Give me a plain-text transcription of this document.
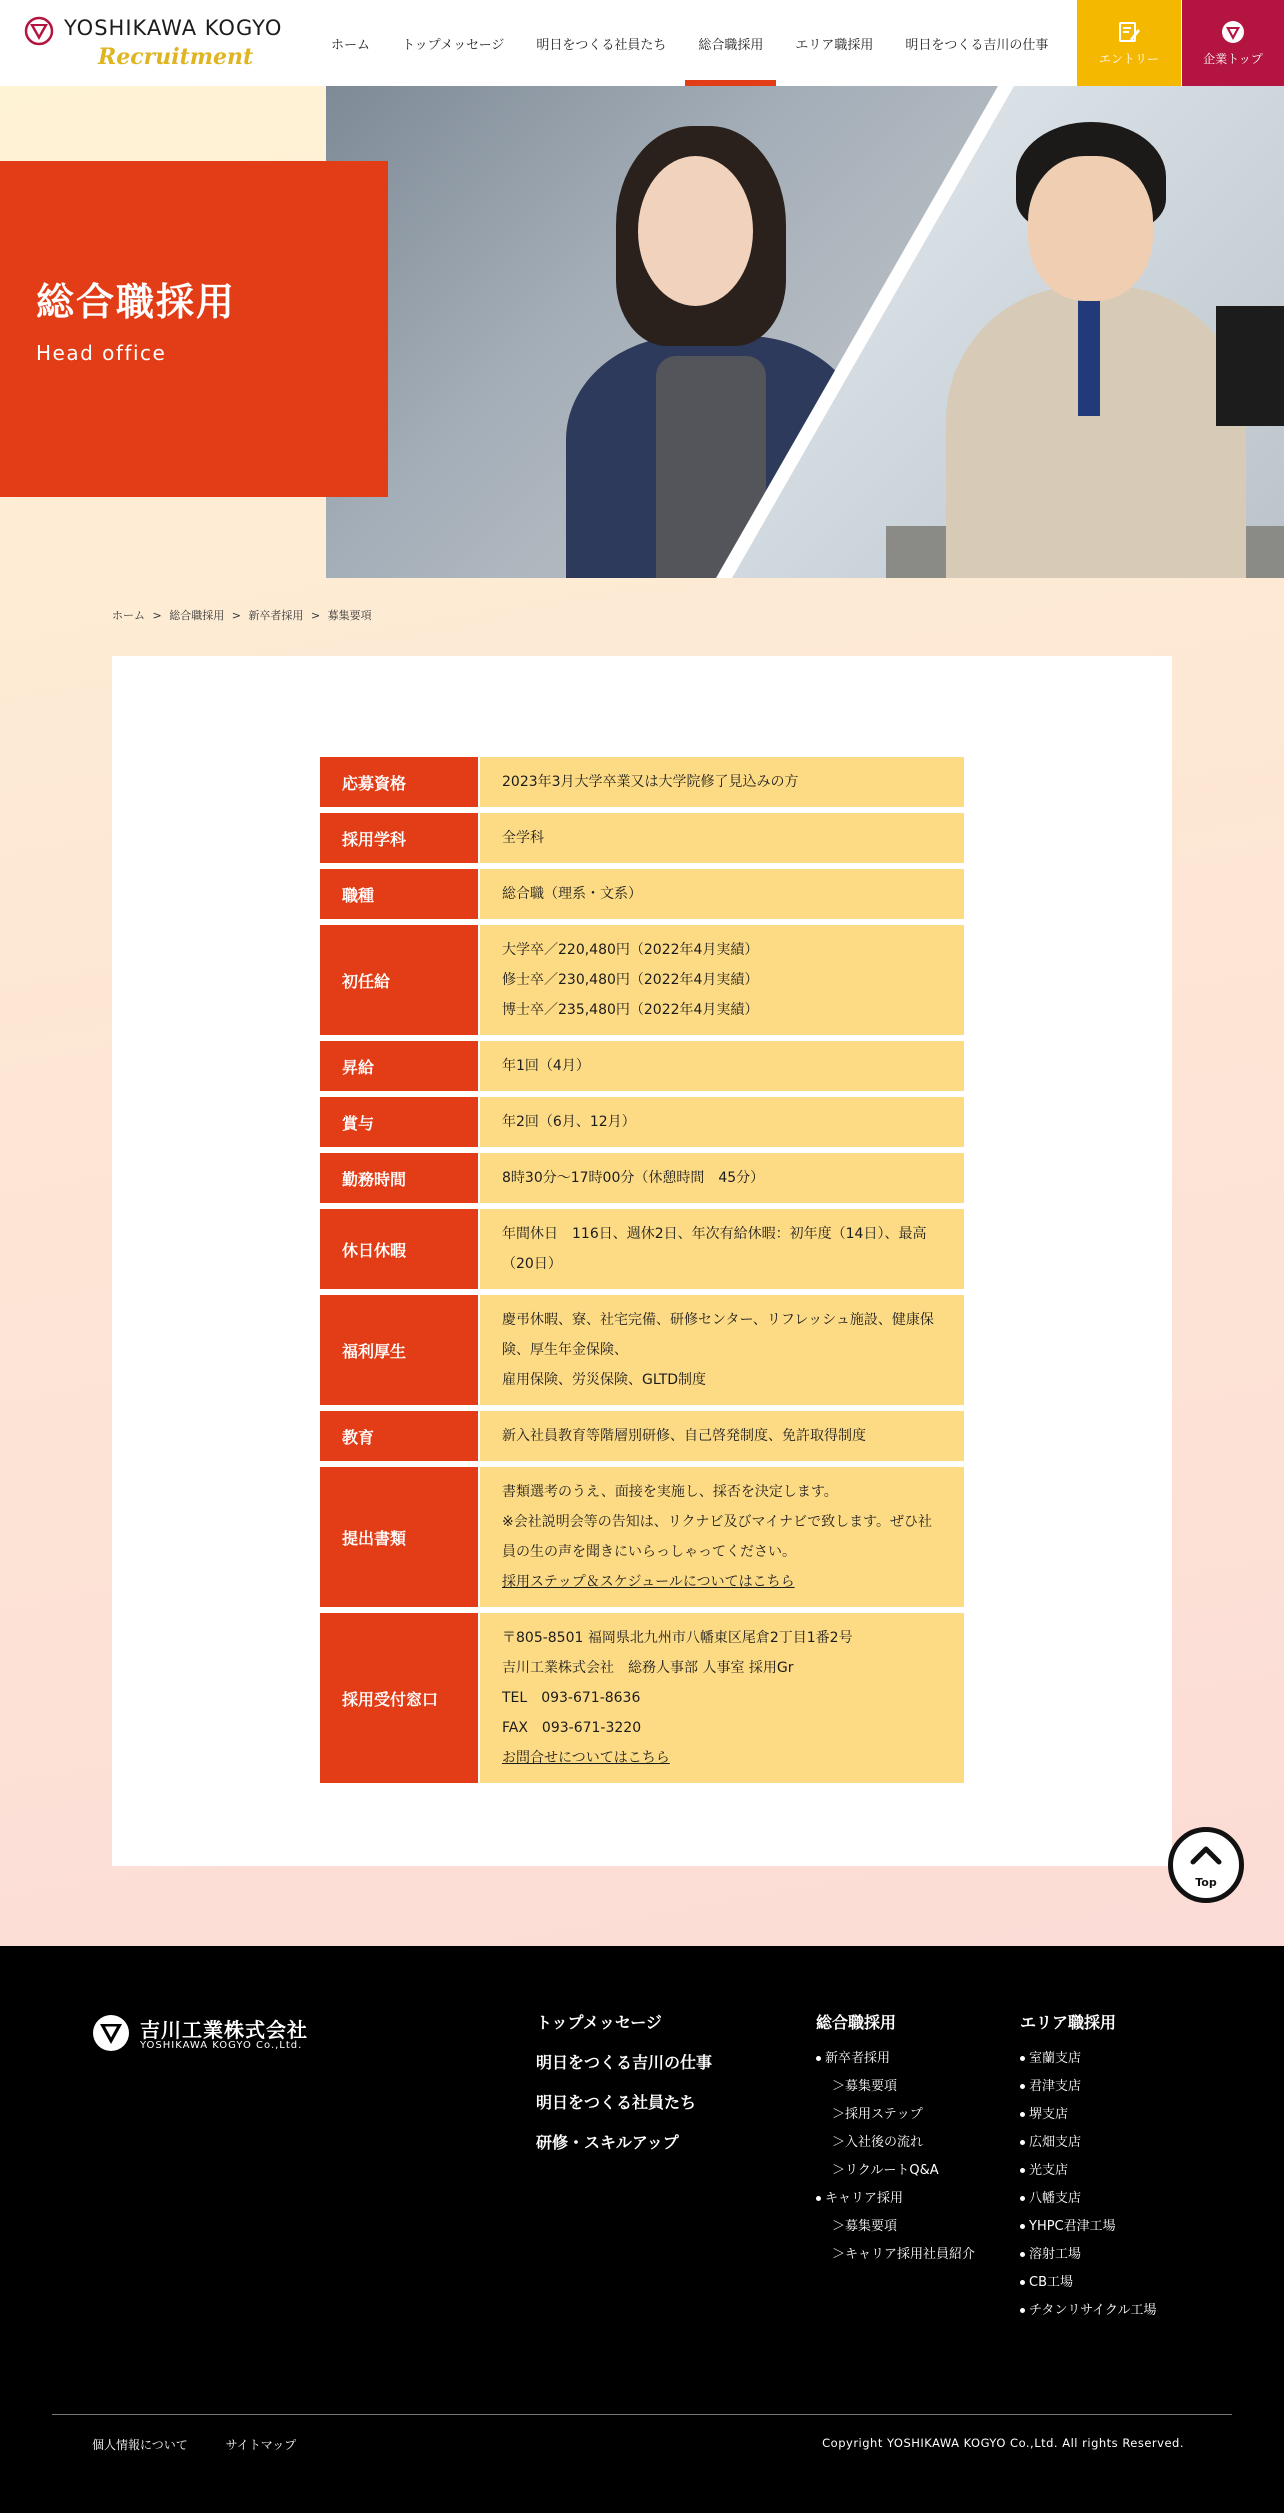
YOSHIKAWA KOGYO
Recruitment	ホーム	トップメッセージ	明日をつくる社員たち	総合職採用	エリア職採用	明日をつくる吉川の仕事
エントリー	企業トップ
総合職採用

Head office

ホーム > 総合職採用 > 新卒者採用 > 募集要項
応募資格	2023年3月大学卒業又は大学院修了見込みの方

採用学科	全学科

職種	総合職（理系・文系）

初任給	大学卒／220,480円（2022年4月実績）
修士卒／230,480円（2022年4月実績）
博士卒／235,480円（2022年4月実績）

昇給	年1回（4月）

賞与	年2回（6月、12月）

勤務時間	8時30分～17時00分（休憩時間　45分）

休日休暇	年間休日　116日、週休2日、年次有給休暇：初年度（14日）、最高（20日）

福利厚生	慶弔休暇、寮、社宅完備、研修センター、リフレッシュ施設、健康保険、厚生年金保険、
雇用保険、労災保険、GLTD制度

教育	新入社員教育等階層別研修、自己啓発制度、免許取得制度

提出書類	書類選考のうえ、面接を実施し、採否を決定します。
※会社説明会等の告知は、リクナビ及びマイナビで致します。ぜひ社員の生の声を聞きにいらっしゃってください。
採用ステップ＆スケジュールについてはこちら

採用受付窓口	〒805-8501 福岡県北九州市八幡東区尾倉2丁目1番2号
吉川工業株式会社　総務人事部 人事室 採用Gr
TEL　093-671-8636
FAX　093-671-3220
お問合せについてはこちら
Top
吉川工業株式会社
YOSHIKAWA KOGYO Co.,Ltd.
トップメッセージ
明日をつくる吉川の仕事
明日をつくる社員たち
研修・スキルアップ
総合職採用
新卒者採用
＞募集要項
＞採用ステップ
＞入社後の流れ
＞リクルートQ&A
キャリア採用
＞募集要項
＞キャリア採用社員紹介
エリア職採用
室蘭支店
君津支店
堺支店
広畑支店
光支店
八幡支店
YHPC君津工場
溶射工場
CB工場
チタンリサイクル工場
個人情報について	サイトマップ	Copyright YOSHIKAWA KOGYO Co.,Ltd. All rights Reserved.
